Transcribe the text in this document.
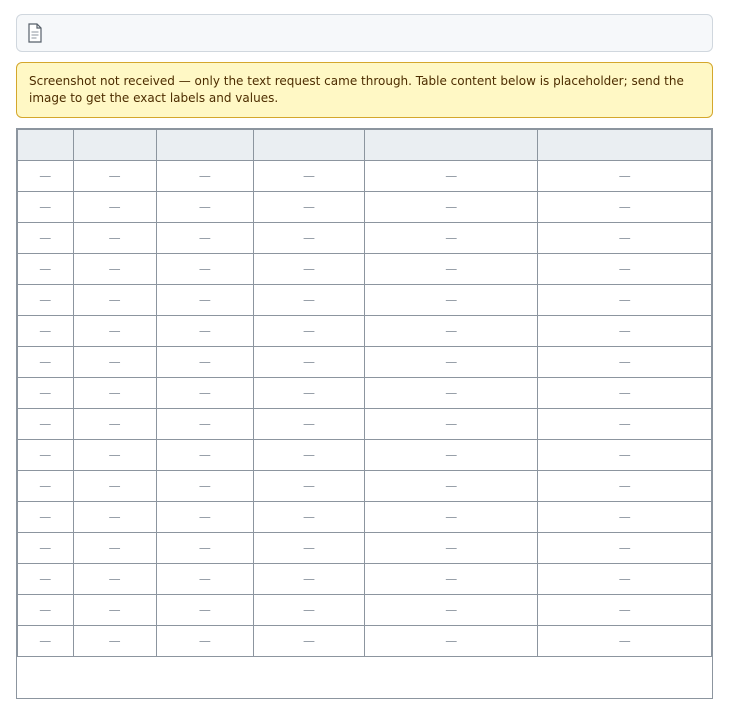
Screenshot not received — only the text request came through. Table content below is placeholder; send the image to get the exact labels and values.

—	—	—	—	—	—
—	—	—	—	—	—
—	—	—	—	—	—
—	—	—	—	—	—
—	—	—	—	—	—
—	—	—	—	—	—
—	—	—	—	—	—
—	—	—	—	—	—
—	—	—	—	—	—
—	—	—	—	—	—
—	—	—	—	—	—
—	—	—	—	—	—
—	—	—	—	—	—
—	—	—	—	—	—
—	—	—	—	—	—
—	—	—	—	—	—
